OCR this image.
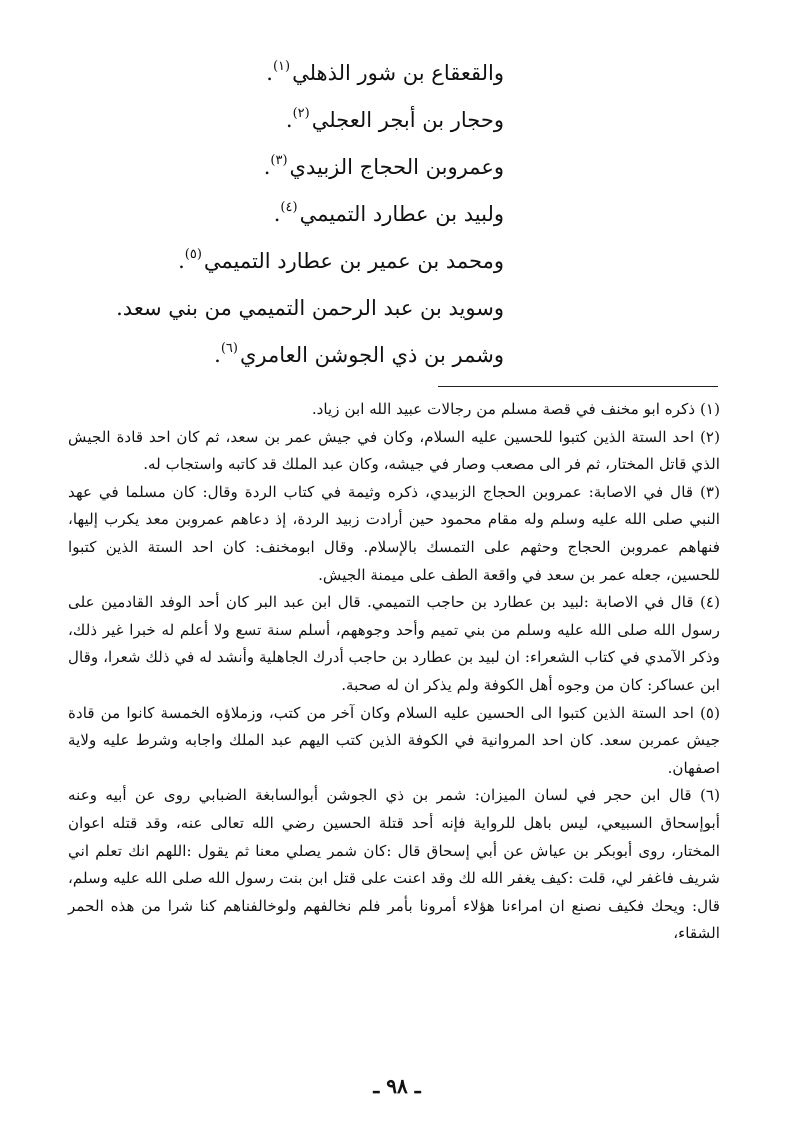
والقعقاع بن شور الذهلي$^{(١)}$.
وحجار بن أبجر العجلي$^{(٢)}$.
وعمروبن الحجاج الزبيدي$^{(٣)}$.
ولبيد بن عطارد التميمي$^{(٤)}$.
ومحمد بن عمير بن عطارد التميمي$^{(٥)}$.
وسويد بن عبد الرحمن التميمي من بني سعد.
وشمر بن ذي الجوشن العامري$^{(٦)}$.
(١) ذكره ابو مخنف في قصة مسلم من رجالات عبيد الله ابن زياد.
(٢) احد الستة الذين كتبوا للحسين عليه السلام، وكان في جيش عمر بن سعد، ثم كان احد قادة الجيش الذي قاتل المختار، ثم فر الى مصعب وصار في جيشه، وكان عبد الملك قد كاتبه واستجاب له.
(٣) قال في الاصابة: عمروبن الحجاج الزبيدي، ذكره وثيمة في كتاب الردة وقال: كان مسلما في عهد النبي صلى الله عليه وسلم وله مقام محمود حين أرادت زبيد الردة، إذ دعاهم عمروبن معد يكرب إليها، فنهاهم عمروبن الحجاج وحثهم على التمسك بالإسلام. وقال ابومخنف: كان احد الستة الذين كتبوا للحسين، جعله عمر بن سعد في واقعة الطف على ميمنة الجيش.
(٤) قال في الاصابة :لبيد بن عطارد بن حاجب التميمي. قال ابن عبد البر كان أحد الوفد القادمين على رسول الله صلى الله عليه وسلم من بني تميم وأحد وجوههم، أسلم سنة تسع ولا أعلم له خبرا غير ذلك، وذكر الآمدي في كتاب الشعراء: ان لبيد بن عطارد بن حاجب أدرك الجاهلية وأنشد له في ذلك شعرا، وقال ابن عساكر: كان من وجوه أهل الكوفة ولم يذكر ان له صحبة.
(٥) احد الستة الذين كتبوا الى الحسين عليه السلام وكان آخر من كتب، وزملاؤه الخمسة كانوا من قادة جيش عمربن سعد. كان احد المروانية في الكوفة الذين كتب اليهم عبد الملك واجابه وشرط عليه ولاية اصفهان.
(٦) قال ابن حجر في لسان الميزان: شمر بن ذي الجوشن أبوالسابغة الضبابي روى عن أبيه وعنه أبوإسحاق السبيعي، ليس باهل للرواية فإنه أحد قتلة الحسين رضي الله تعالى عنه، وقد قتله اعوان المختار، روى أبوبكر بن عياش عن أبي إسحاق قال :كان شمر يصلي معنا ثم يقول :اللهم انك تعلم اني شريف فاغفر لي، قلت :كيف يغفر الله لك وقد اعنت على قتل ابن بنت رسول الله صلى الله عليه وسلم، قال: ويحك فكيف نصنع ان امراءنا هؤلاء أمرونا بأمر فلم نخالفهم ولوخالفناهم كنا شرا من هذه الحمر الشقاء،
ـ ٩٨ ـ
